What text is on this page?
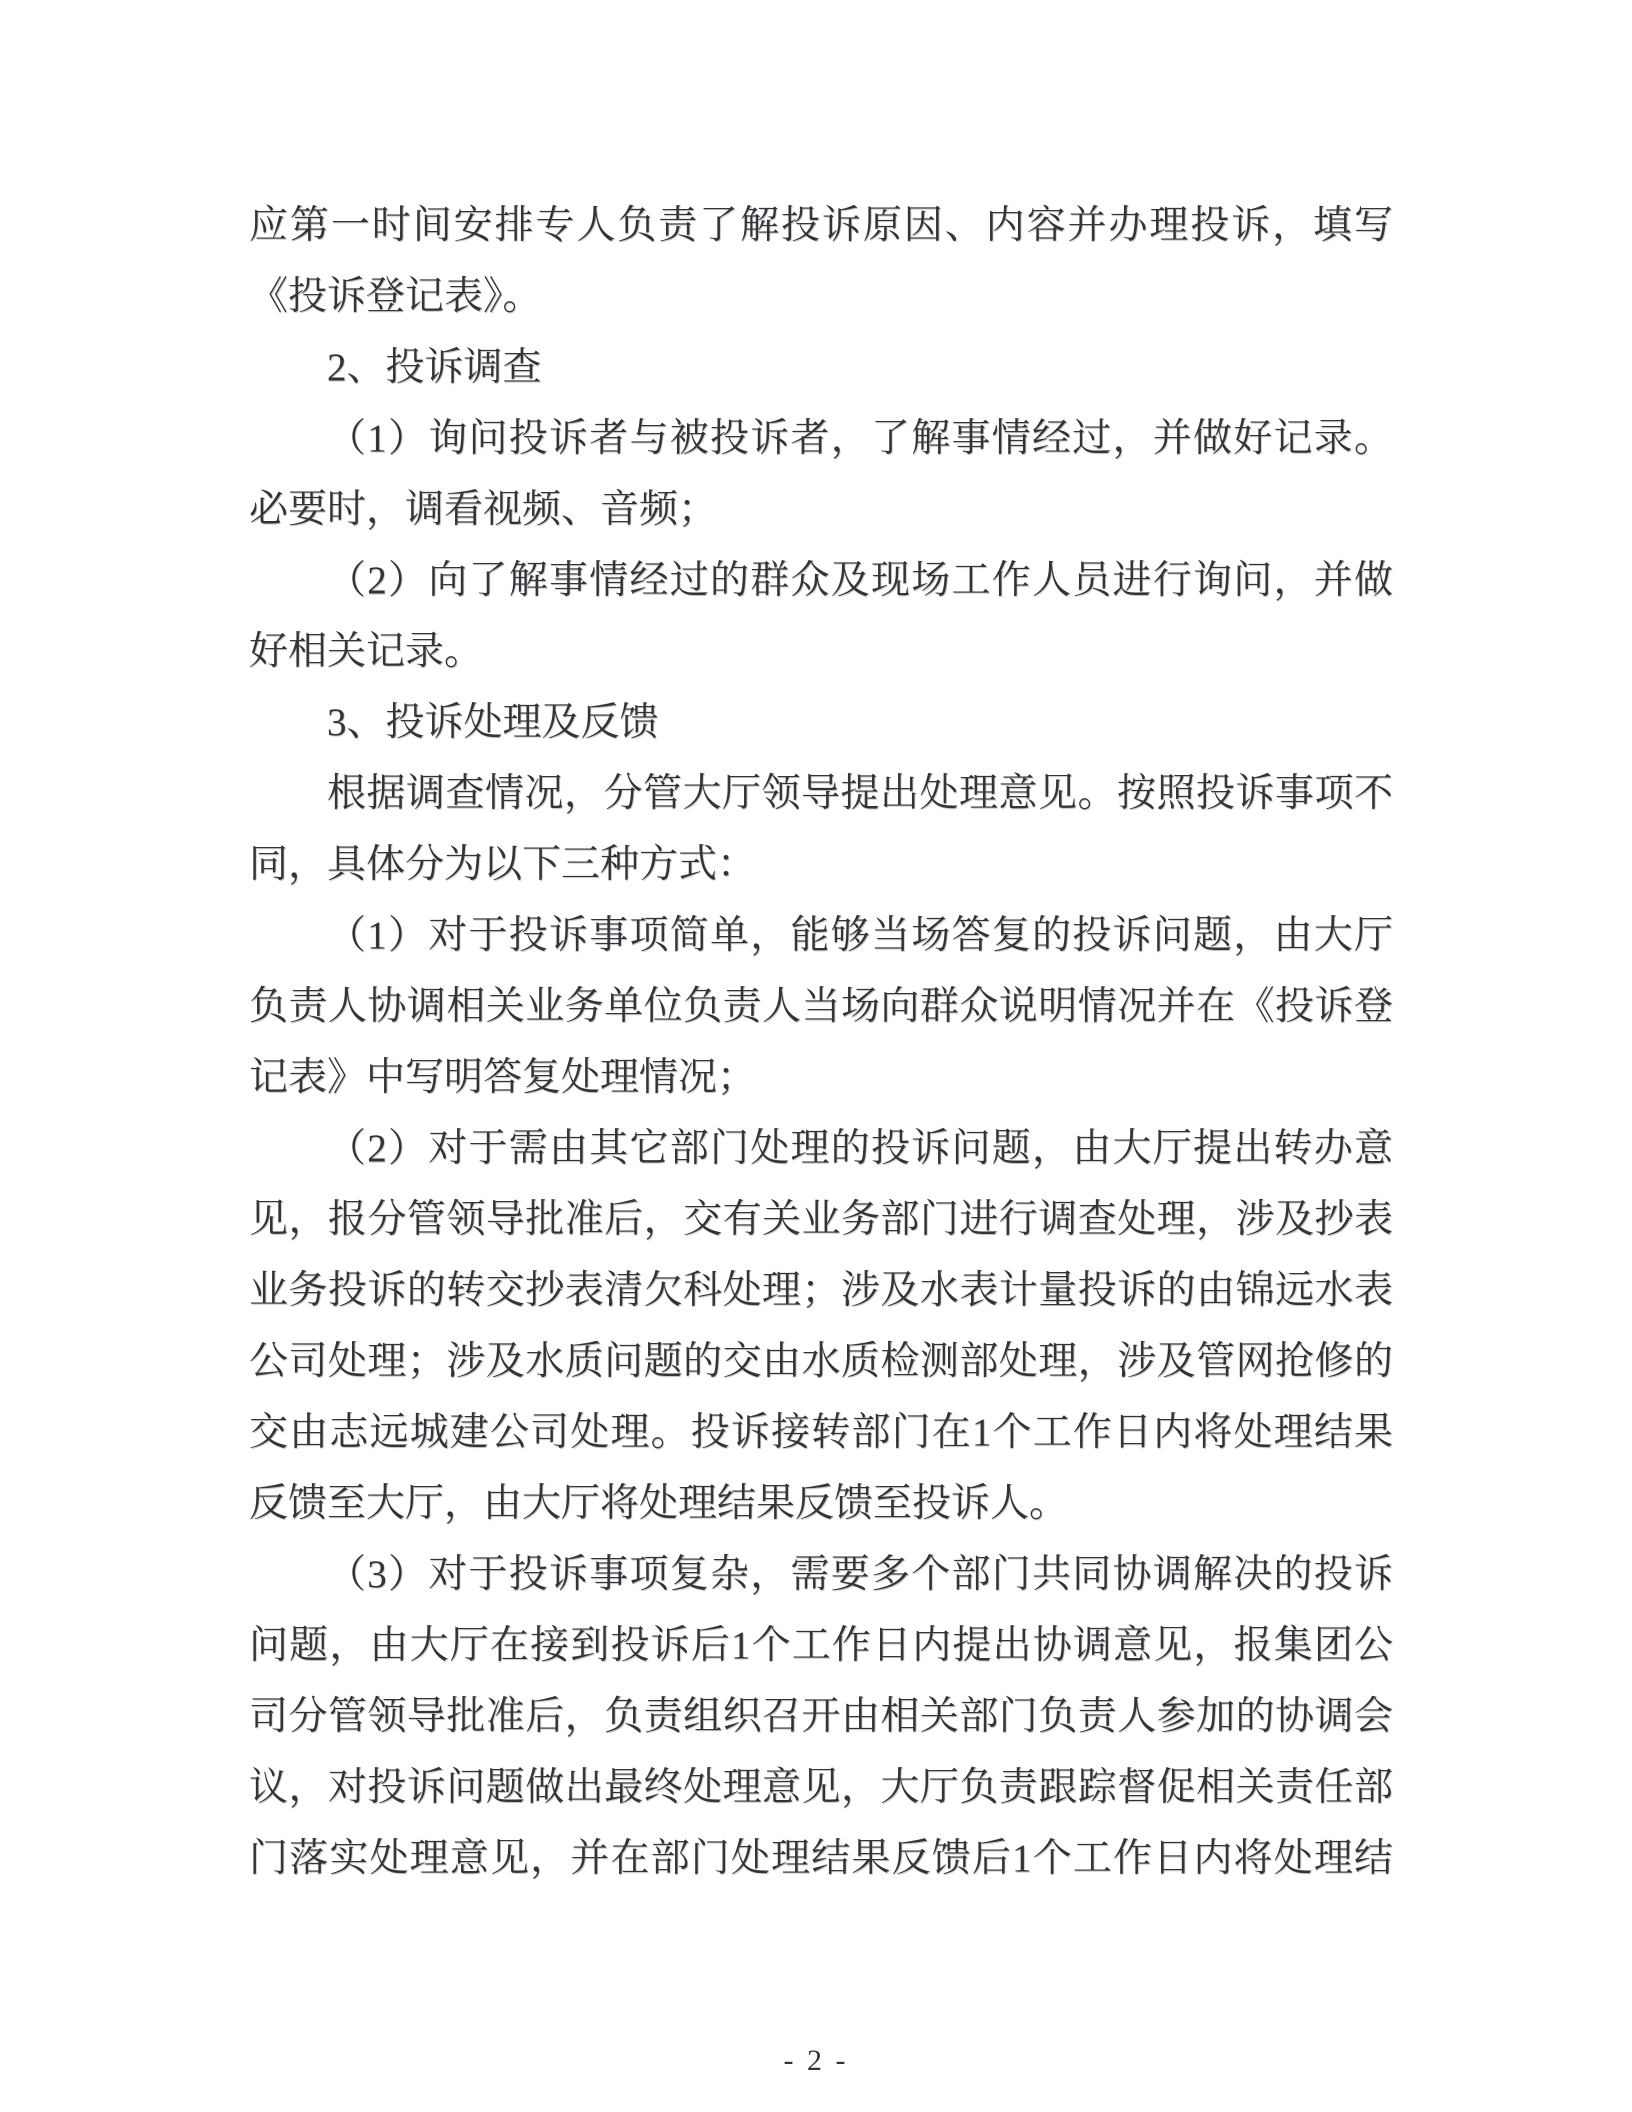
应第一时间安排专人负责了解投诉原因、内容并办理投诉，填写
《投诉登记表》。
2、投诉调查
（1）询问投诉者与被投诉者，了解事情经过，并做好记录。
必要时，调看视频、音频；
（2）向了解事情经过的群众及现场工作人员进行询问，并做
好相关记录。
3、投诉处理及反馈
根据调查情况，分管大厅领导提出处理意见。按照投诉事项不
同，具体分为以下三种方式：
（1）对于投诉事项简单，能够当场答复的投诉问题，由大厅
负责人协调相关业务单位负责人当场向群众说明情况并在《投诉登
记表》中写明答复处理情况；
（2）对于需由其它部门处理的投诉问题，由大厅提出转办意
见，报分管领导批准后，交有关业务部门进行调查处理，涉及抄表
业务投诉的转交抄表清欠科处理；涉及水表计量投诉的由锦远水表
公司处理；涉及水质问题的交由水质检测部处理，涉及管网抢修的
交由志远城建公司处理。投诉接转部门在1个工作日内将处理结果
反馈至大厅，由大厅将处理结果反馈至投诉人。
（3）对于投诉事项复杂，需要多个部门共同协调解决的投诉
问题，由大厅在接到投诉后1个工作日内提出协调意见，报集团公
司分管领导批准后，负责组织召开由相关部门负责人参加的协调会
议，对投诉问题做出最终处理意见，大厅负责跟踪督促相关责任部
门落实处理意见，并在部门处理结果反馈后1个工作日内将处理结
- 2 -
